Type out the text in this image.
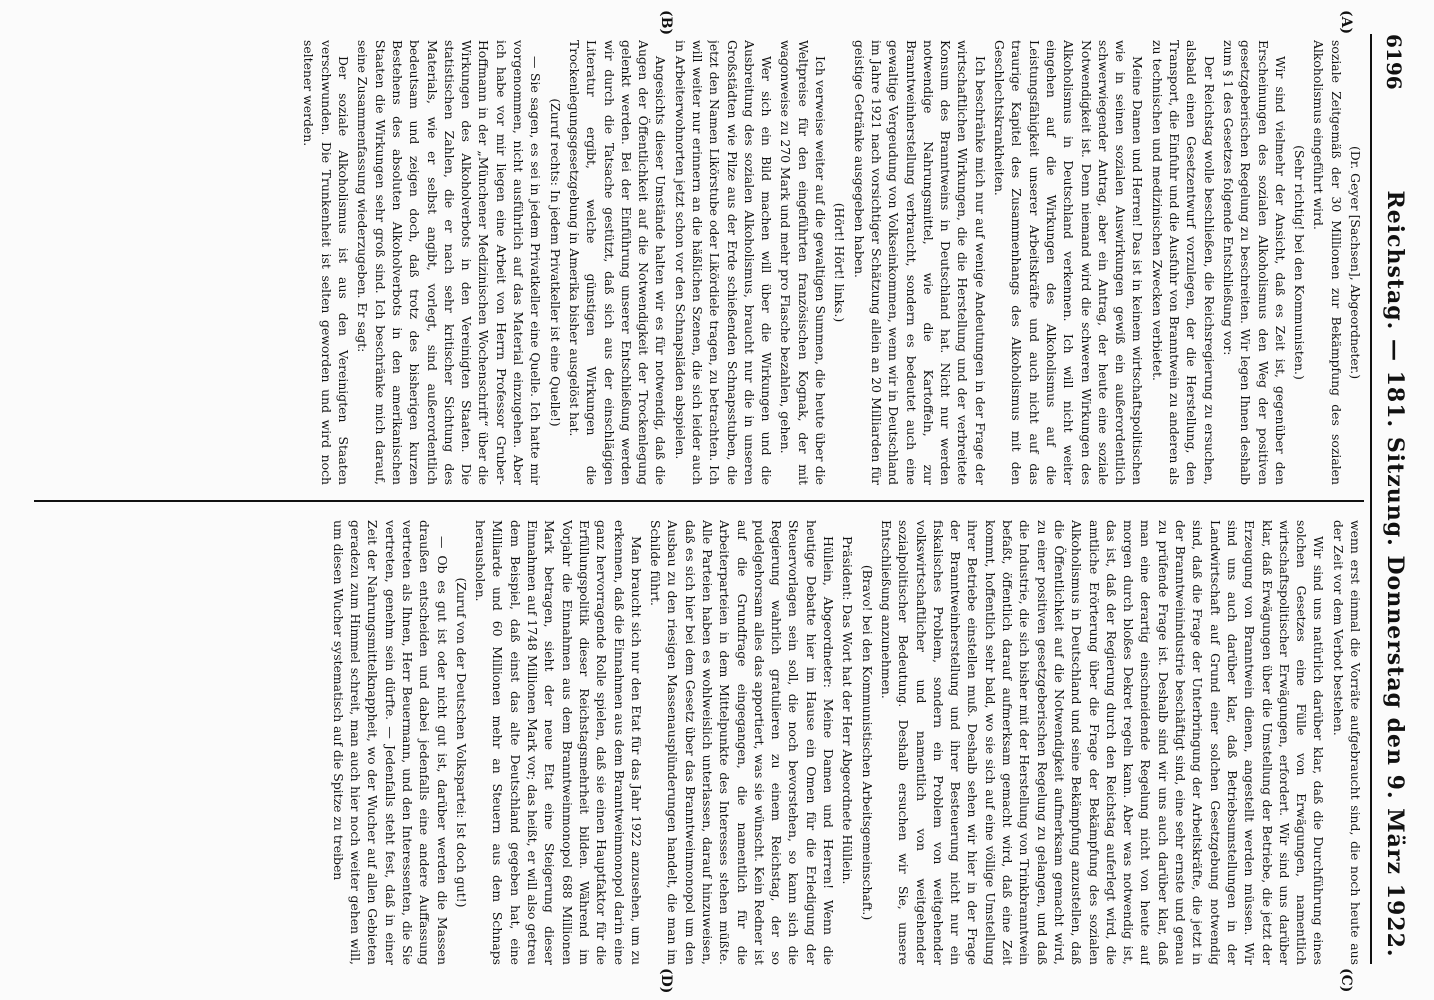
6196
Reichstag. — 181. Sitzung. Donnerstag den 9. März 1922.
(A)
(B)
(C)
(D)

(Dr. Geyer [Sachsen], Abgeordneter.)

soziale Zeitgemäß der 30 Millionen zur Bekämpfung des sozialen Alkoholismus eingeführt wird.

(Sehr richtig! bei den Kommunisten.)

Wir sind vielmehr der Ansicht, daß es Zeit ist, gegenüber den Erscheinungen des sozialen Alkoholismus den Weg der positiven gesetzgeberischen Regelung zu beschreiten. Wir legen Ihnen deshalb zum § 1 des Gesetzes folgende Entschließung vor:

Der Reichstag wolle beschließen, die Reichsregierung zu ersuchen, alsbald einen Gesetzentwurf vorzulegen, der die Herstellung, den Transport, die Einfuhr und die Ausfuhr von Branntwein zu anderen als zu technischen und medizinischen Zwecken verbietet.

Meine Damen und Herren! Das ist in keinem wirtschaftspolitischen wie in seinen sozialen Auswirkungen gewiß ein außerordentlich schwerwiegender Antrag, aber ein Antrag, der heute eine soziale Notwendigkeit ist. Denn niemand wird die schweren Wirkungen des Alkoholismus in Deutschland verkennen. Ich will nicht weiter eingehen auf die Wirkungen des Alkoholismus auf die Leistungsfähigkeit unserer Arbeitskräfte und auch nicht auf das traurige Kapitel des Zusammenhangs des Alkoholismus mit den Geschlechtskrankheiten.

Ich beschränke mich nur auf wenige Andeutungen in der Frage der wirtschaftlichen Wirkungen, die die Herstellung und der verbreitete Konsum des Branntweins in Deutschland hat. Nicht nur werden notwendige Nahrungsmittel, wie die Kartoffeln, zur Branntweinherstellung verbraucht, sondern es bedeutet auch eine gewaltige Vergeudung von Volkseinkommen, wenn wir in Deutschland im Jahre 1921 nach vorsichtiger Schätzung allein an 20 Milliarden für geistige Getränke ausgegeben haben.

(Hört! Hört! links.)

Ich verweise weiter auf die gewaltigen Summen, die heute über die Weltpreise für den eingeführten französischen Kognak, der mit wagonweise zu 270 Mark und mehr pro Flasche bezahlen, gehen.

Wer sich ein Bild machen will über die Wirkungen und die Ausbreitung des sozialen Alkoholismus, braucht nur die in unseren Großstädten wie Pilze aus der Erde schießenden Schnapsstuben, die jetzt den Namen Likörstube oder Likördiele tragen, zu betrachten. Ich will weiter nur erinnern an die häßlichen Szenen, die sich leider auch in Arbeiterwohnorten jetzt schon vor den Schnapsläden abspielen.

Angesichts dieser Umstände halten wir es für notwendig, daß die Augen der Öffentlichkeit auf die Notwendigkeit der Trockenlegung gelenkt werden. Bei der Einführung unserer Entschließung werden wir durch die Tatsache gestützt, daß sich aus der einschlägigen Literatur ergibt, welche günstigen Wirkungen die Trockenlegungsgesetzgebung in Amerika bisher ausgelöst hat.

(Zuruf rechts: In jedem Privatkeller ist eine Quelle!)

— Sie sagen, es sei in jedem Privatkeller eine Quelle. Ich hatte mir vorgenommen, nicht ausführlich auf das Material einzugehen. Aber ich habe vor mir liegen eine Arbeit von Herrn Professor Gruber-Hoffmann in der „Münchener Medizinischen Wochenschrift“ über die Wirkungen des Alkoholverbots in den Vereinigten Staaten. Die statistischen Zahlen, die er nach sehr kritischer Sichtung des Materials, wie er selbst angibt, vorlegt, sind außerordentlich bedeutsam und zeigen doch, daß trotz des bisherigen kurzen Bestehens des absoluten Alkoholverbots in den amerikanischen Staaten die Wirkungen sehr groß sind. Ich beschränke mich darauf, seine Zusammenfassung wiederzugeben. Er sagt:

Der soziale Alkoholismus ist aus den Vereinigten Staaten verschwunden. Die Trunkenheit ist selten geworden und wird noch seltener werden.

wenn erst einmal die Vorräte aufgebraucht sind, die noch heute aus der Zeit vor dem Verbot bestehen.

Wir sind uns natürlich darüber klar, daß die Durchführung eines solchen Gesetzes eine Fülle von Erwägungen, namentlich wirtschaftspolitischer Erwägungen, erfordert. Wir sind uns darüber klar, daß Erwägungen über die Umstellung der Betriebe, die jetzt der Erzeugung von Branntwein dienen, angestellt werden müssen. Wir sind uns auch darüber klar, daß Betriebsumstellungen in der Landwirtschaft auf Grund einer solchen Gesetzgebung notwendig sind, daß die Frage der Unterbringung der Arbeitskräfte, die jetzt in der Branntweinindustrie beschäftigt sind, eine sehr ernste und genau zu prüfende Frage ist. Deshalb sind wir uns auch darüber klar, daß man eine derartig einschneidende Regelung nicht von heute auf morgen durch bloßes Dekret regeln kann. Aber was notwendig ist, das ist, daß der Regierung durch den Reichstag auferlegt wird, die amtliche Erörterung über die Frage der Bekämpfung des sozialen Alkoholismus in Deutschland und seine Bekämpfung anzustellen, daß die Öffentlichkeit auf die Notwendigkeit aufmerksam gemacht wird, zu einer positiven gesetzgeberischen Regelung zu gelangen, und daß die Industrie, die sich bisher mit der Herstellung von Trinkbranntwein befaßt, öffentlich darauf aufmerksam gemacht wird, daß eine Zeit kommt, hoffentlich sehr bald, wo sie sich auf eine völlige Umstellung ihrer Betriebe einstellen muß. Deshalb sehen wir hier in der Frage der Branntweinherstellung und ihrer Besteuerung nicht nur ein fiskalisches Problem, sondern ein Problem von weitgehender volkswirtschaftlicher und namentlich von weitgehender sozialpolitischer Bedeutung. Deshalb ersuchen wir Sie, unsere Entschließung anzunehmen.

(Bravo! bei den Kommunistischen Arbeitsgemeinschaft.)

Präsident: Das Wort hat der Herr Abgeordnete Hüllein.

Hüllein, Abgeordneter: Meine Damen und Herren! Wenn die heutige Debatte hier im Hause ein Omen für die Erledigung der Steuervorlagen sein soll, die noch bevorstehen, so kann sich die Regierung wahrlich gratulieren zu einem Reichstag, der so pudelgehorsam alles das apportiert, was sie wünscht. Kein Redner ist auf die Grundfrage eingegangen, die namentlich für die Arbeiterparteien in dem Mittelpunkte des Interesses stehen müßte. Alle Parteien haben es wohlweislich unterlassen, darauf hinzuweisen, daß es sich hier bei dem Gesetz über das Branntweinmonopol um den Ausbau zu den riesigen Massenausplünderungen handelt, die man im Schilde führt.

Man braucht sich nur den Etat für das Jahr 1922 anzusehen, um zu erkennen, daß die Einnahmen aus dem Branntweinmonopol darin eine ganz hervorragende Rolle spielen, daß sie einen Hauptfaktor für die Erfüllungspolitik dieser Reichstagsmehrheit bilden. Während im Vorjahr die Einnahmen aus dem Branntweinmonopol 688 Millionen Mark betragen, sieht der neue Etat eine Steigerung dieser Einnahmen auf 1748 Millionen Mark vor; das heißt, er will also getreu dem Beispiel, daß einst das alte Deutschland gegeben hat, eine Milliarde und 60 Millionen mehr an Steuern aus dem Schnaps herausholen.

(Zuruf von der Deutschen Volkspartei: Ist doch gut!)

— Ob es gut ist oder nicht gut ist, darüber werden die Massen draußen entscheiden und dabei jedenfalls eine andere Auffassung vertreten als Ihnen, Herr Beuermann, und den Interessenten, die Sie vertreten, genehm sein dürfte. — Jedenfalls steht fest, daß in einer Zeit der Nahrungsmittelknappheit, wo der Wucher auf allen Gebieten geradezu zum Himmel schreit, man auch hier noch weiter gehen will, um diesen Wucher systematisch auf die Spitze zu treiben
